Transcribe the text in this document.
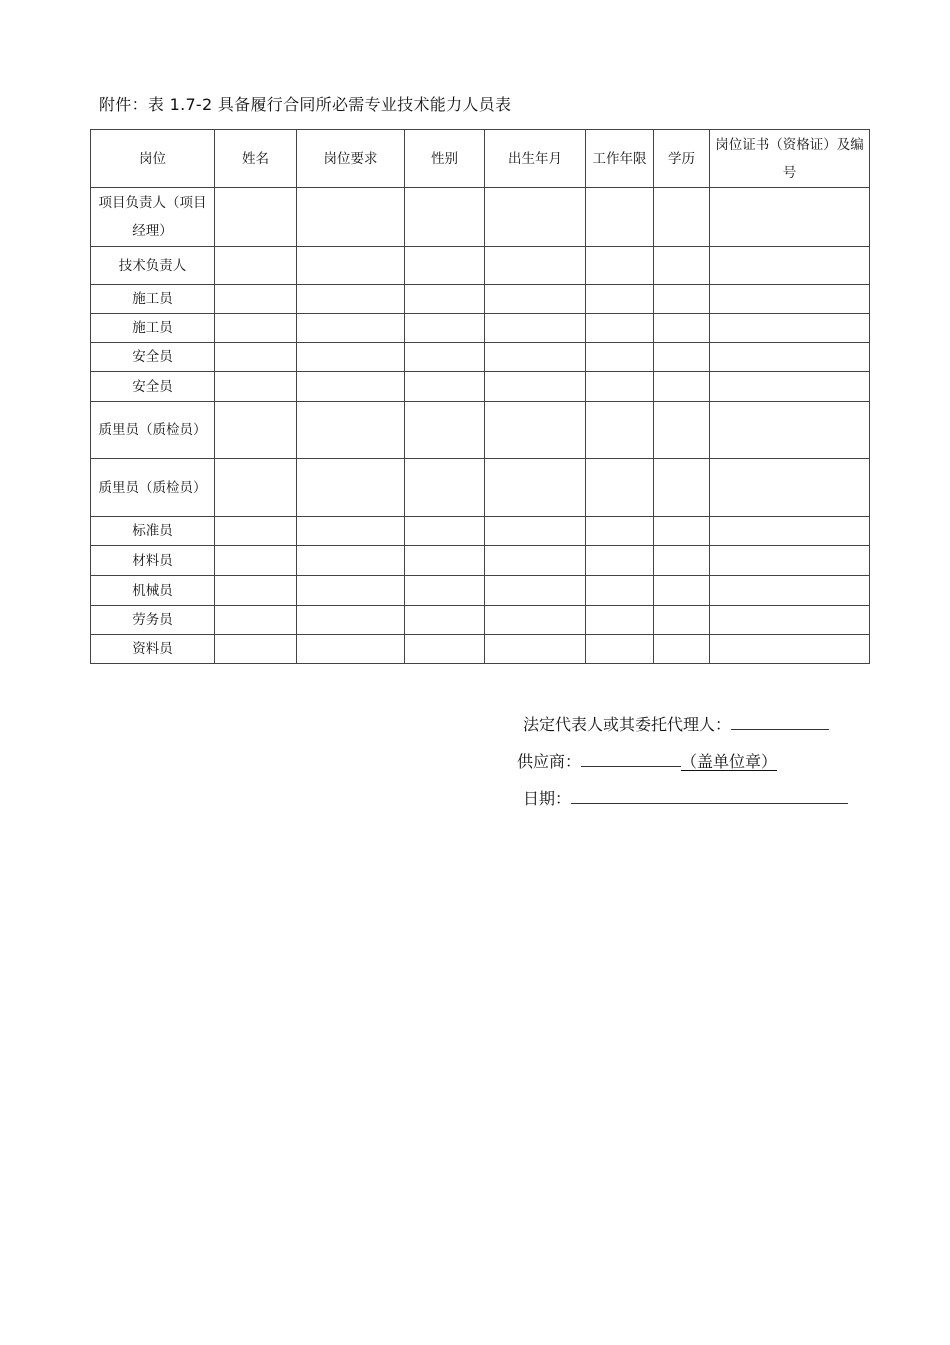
附件：表 1.7-2 具备履行合同所必需专业技术能力人员表
岗位	姓名	岗位要求	性别	出生年月	工作年限	学历	岗位证书（资格证）及编号

项目负责人（项目经理）							

技术负责人							

施工员							

施工员							

安全员							

安全员							

质里员（质检员）							

质里员（质检员）							

标准员							

材料员							

机械员							

劳务员							

资料员							

法定代表人或其委托代理人：
供应商：	（盖单位章）
日期：
